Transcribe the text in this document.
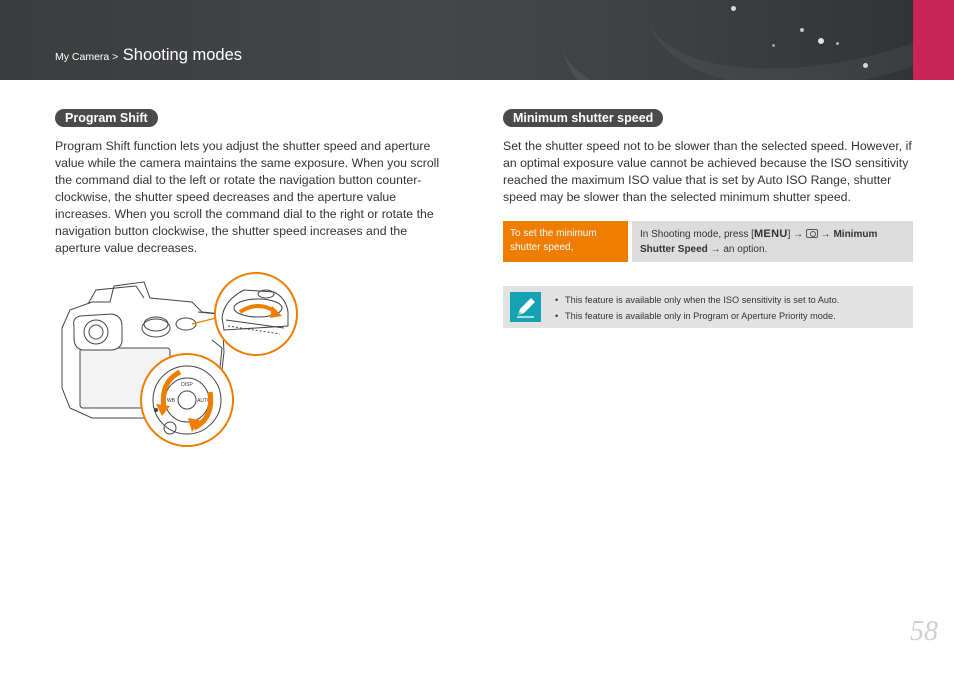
My Camera > Shooting modes
Program Shift

Program Shift function lets you adjust the shutter speed and aperture value while the camera maintains the same exposure. When you scroll the command dial to the left or rotate the navigation button counter-clockwise, the shutter speed decreases and the aperture value increases. When you scroll the command dial to the right or rotate the navigation button clockwise, the shutter speed increases and the aperture value decreases.

DISP
WB	AUTO
Minimum shutter speed

Set the shutter speed not to be slower than the selected speed. However, if an optimal exposure value cannot be achieved because the ISO sensitivity reached the maximum ISO value that is set by Auto ISO Range, shutter speed may be slower than the selected minimum shutter speed.

To set the minimum shutter speed,
In Shooting mode, press [MENU] →  → Minimum Shutter Speed → an option.
• This feature is available only when the ISO sensitivity is set to Auto.
• This feature is available only in Program or Aperture Priority mode.
58
